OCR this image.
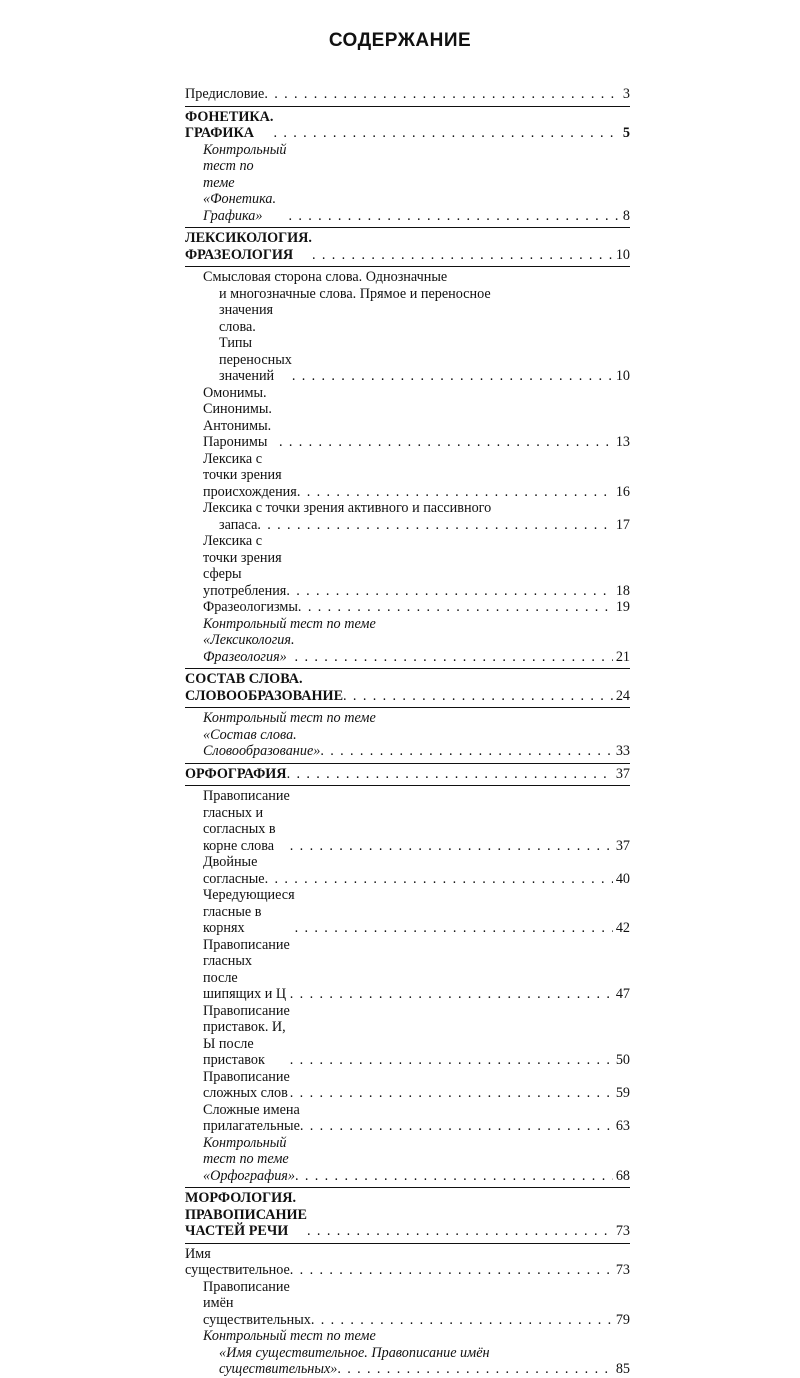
СОДЕРЖАНИЕ
Предисловие . . .	3
ФОНЕТИКА. ГРАФИКА . . .	5
Контрольный тест по теме «Фонетика. Графика» . . .	8
ЛЕКСИКОЛОГИЯ. ФРАЗЕОЛОГИЯ . . .	10
Смысловая сторона слова. Однозначные
и многозначные слова. Прямое и переносное
значения слова. Типы переносных значений . . .	10
Омонимы. Синонимы. Антонимы. Паронимы . . .	13
Лексика с точки зрения происхождения . . .	16
Лексика с точки зрения активного и пассивного
запаса . . .	17
Лексика с точки зрения сферы употребления . . .	18
Фразеологизмы . . .	19
Контрольный тест по теме
«Лексикология. Фразеология» . . .	21
СОСТАВ СЛОВА. СЛОВООБРАЗОВАНИЕ . . .	24
Контрольный тест по теме
«Состав слова. Словообразование» . . .	33
ОРФОГРАФИЯ . . .	37
Правописание гласных и согласных в корне слова . . .	37
Двойные согласные . . .	40
Чередующиеся гласные в корнях . . .	42
Правописание гласных после шипящих и Ц . . .	47
Правописание приставок. И, Ы после приставок . . .	50
Правописание сложных слов . . .	59
Сложные имена прилагательные . . .	63
Контрольный тест по теме «Орфография» . . .	68
МОРФОЛОГИЯ. ПРАВОПИСАНИЕ ЧАСТЕЙ РЕЧИ . . .	73
Имя существительное . . .	73
Правописание имён существительных . . .	79
Контрольный тест по теме
«Имя существительное. Правописание имён
существительных» . . .	85
